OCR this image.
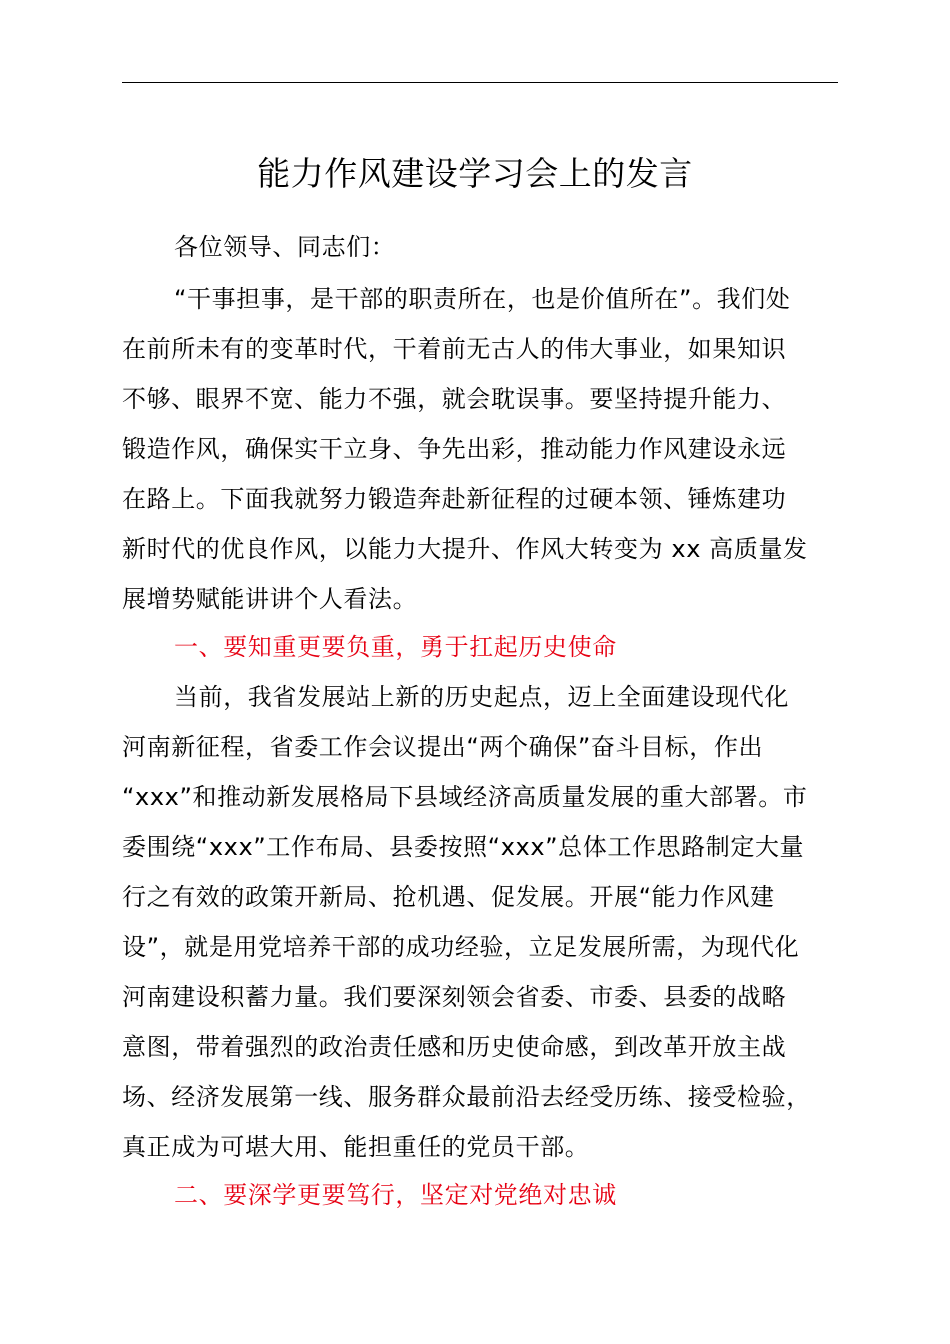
能力作风建设学习会上的发言

各位领导、同志们：

“干事担事，是干部的职责所在，也是价值所在”。我们处
在前所未有的变革时代，干着前无古人的伟大事业，如果知识
不够、眼界不宽、能力不强，就会耽误事。要坚持提升能力、
锻造作风，确保实干立身、争先出彩，推动能力作风建设永远
在路上。下面我就努力锻造奔赴新征程的过硬本领、锤炼建功
新时代的优良作风，以能力大提升、作风大转变为 xx 高质量发
展增势赋能讲讲个人看法。

一、要知重更要负重，勇于扛起历史使命

当前，我省发展站上新的历史起点，迈上全面建设现代化
河南新征程，省委工作会议提出“两个确保”奋斗目标，作出
“xxx”和推动新发展格局下县域经济高质量发展的重大部署。市
委围绕“xxx”工作布局、县委按照“xxx”总体工作思路制定大量
行之有效的政策开新局、抢机遇、促发展。开展“能力作风建
设”，就是用党培养干部的成功经验，立足发展所需，为现代化
河南建设积蓄力量。我们要深刻领会省委、市委、县委的战略
意图，带着强烈的政治责任感和历史使命感，到改革开放主战
场、经济发展第一线、服务群众最前沿去经受历练、接受检验，
真正成为可堪大用、能担重任的党员干部。

二、要深学更要笃行，坚定对党绝对忠诚
